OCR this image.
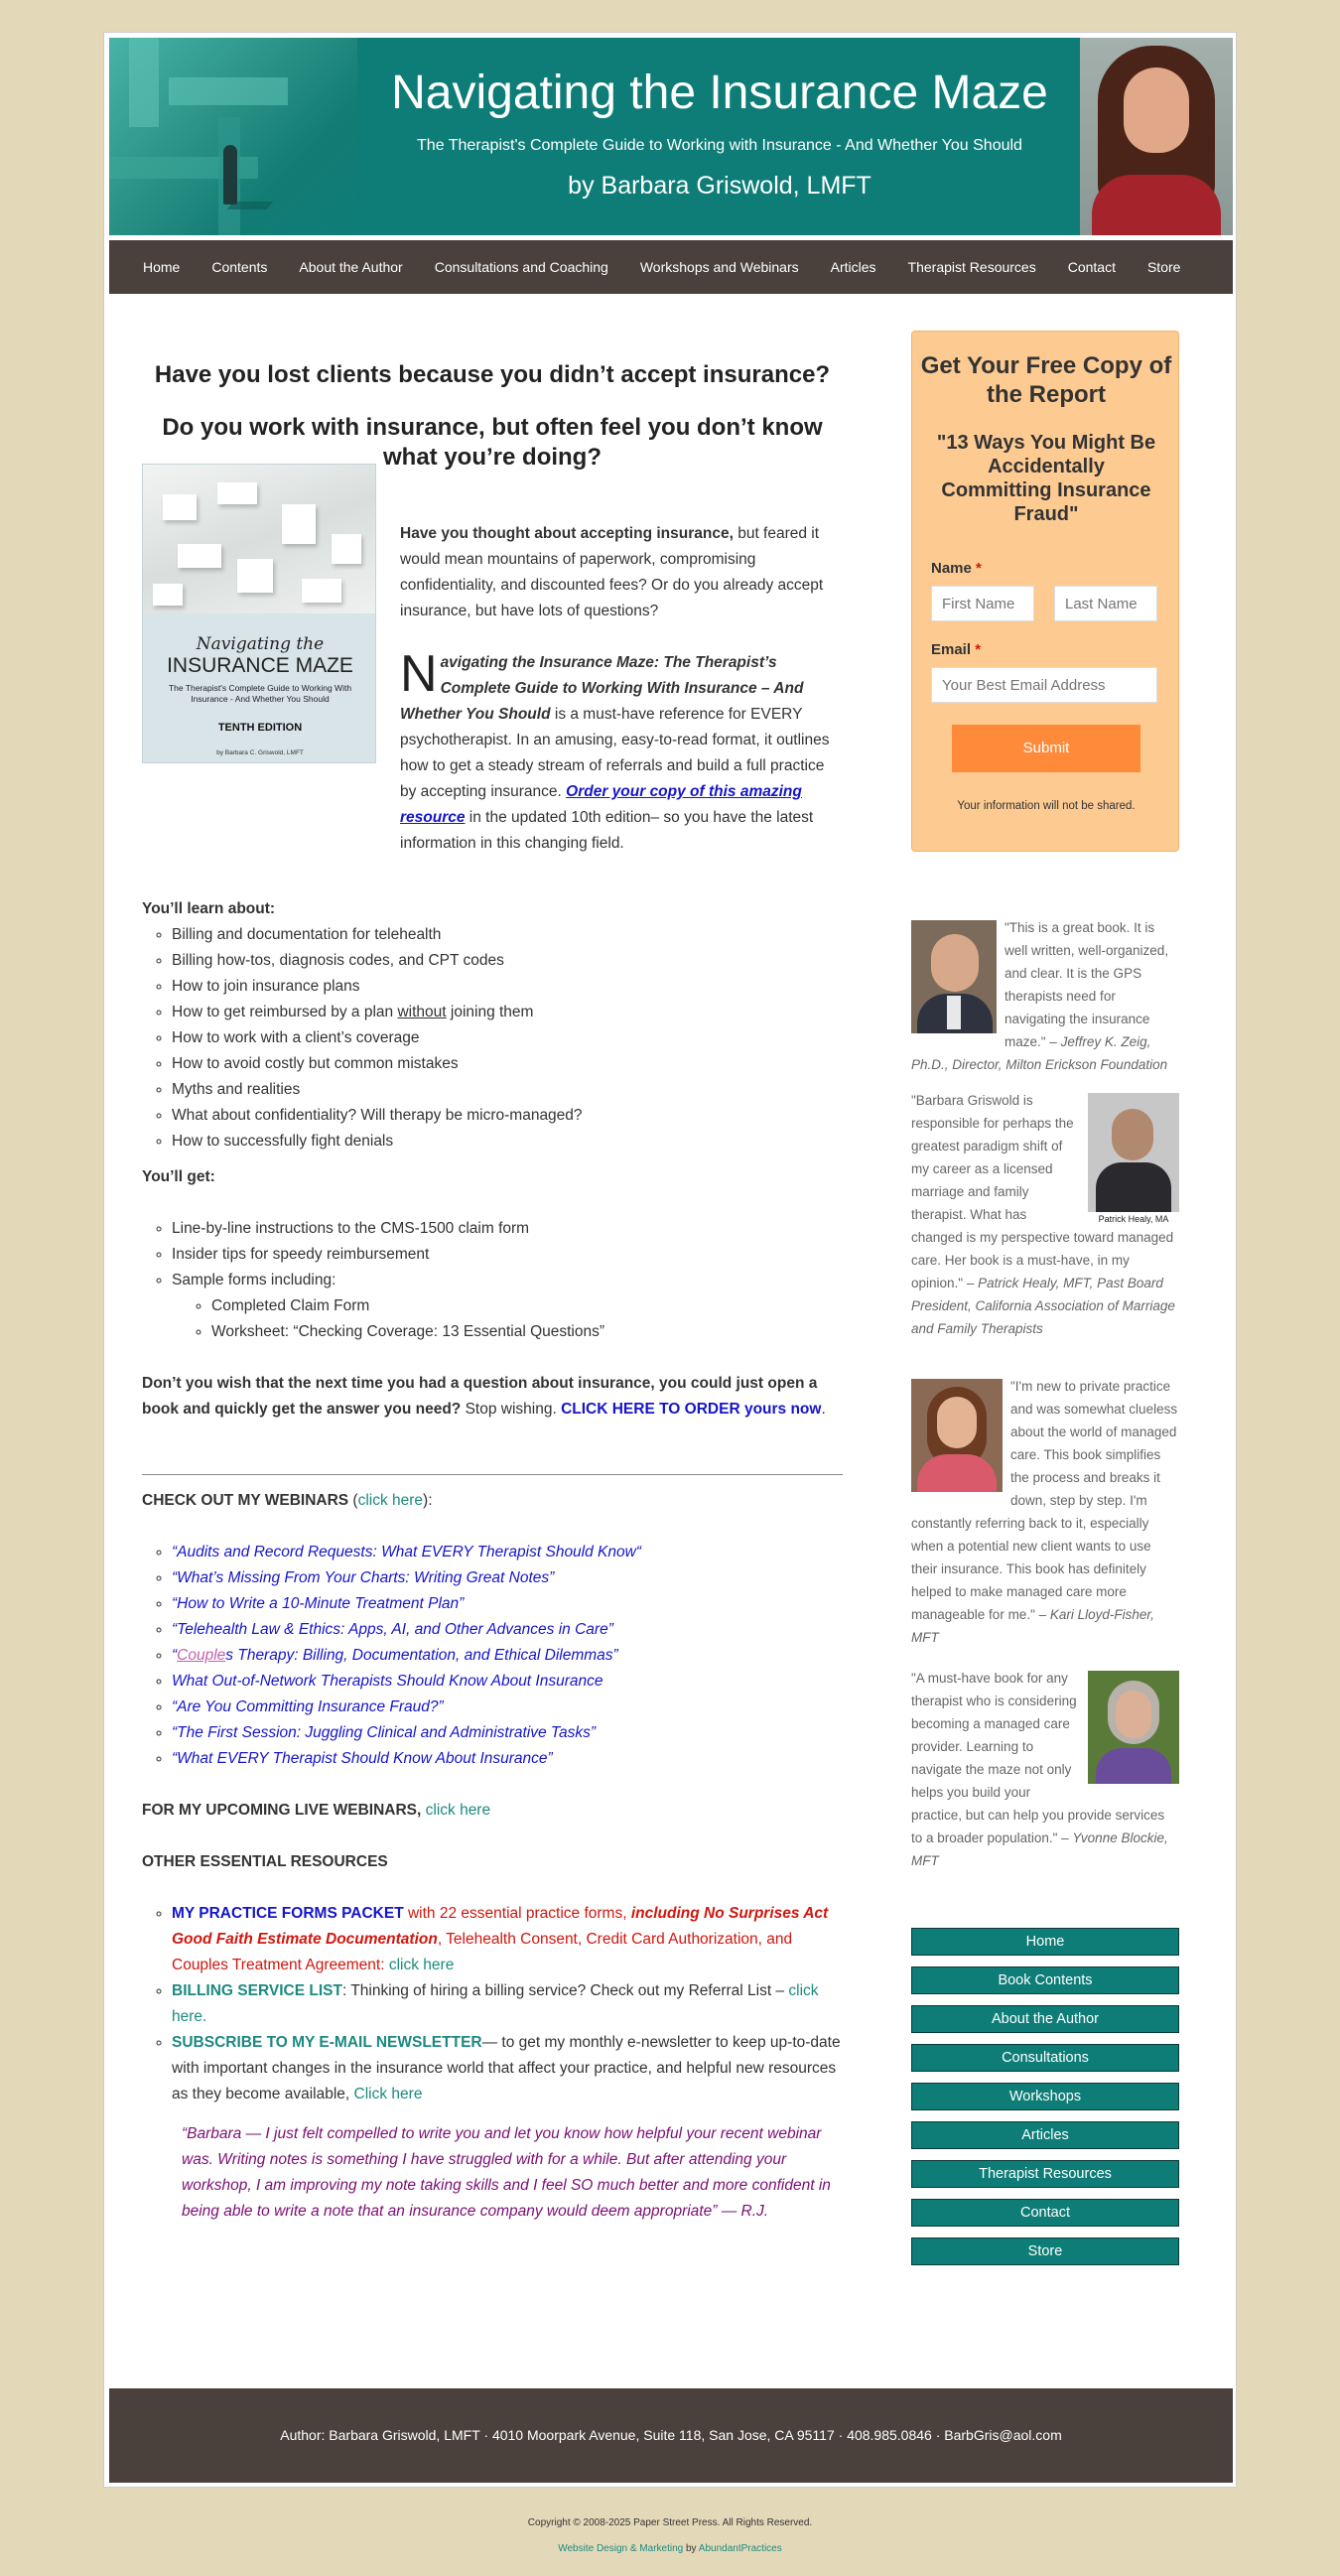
Navigating the Insurance Maze
The Therapist's Complete Guide to Working with Insurance - And Whether You Should
by Barbara Griswold, LMFT
Home Contents About the Author Consultations and Coaching Workshops and Webinars Articles Therapist Resources Contact Store
Have you lost clients because you didn’t accept insurance?
Do you work with insurance, but often feel you don’t know what you’re doing?
Navigating the
INSURANCE MAZE
The Therapist's Complete Guide to Working With Insurance - And Whether You Should
TENTH EDITION
by Barbara C. Griswold, LMFT
Have you thought about accepting insurance, but feared it would mean mountains of paperwork, compromising confidentiality, and discounted fees? Or do you already accept insurance, but have lots of questions?
Navigating the Insurance Maze: The Therapist’s Complete Guide to Working With Insurance – And Whether You Should is a must-have reference for EVERY psychotherapist. In an amusing, easy-to-read format, it outlines how to get a steady stream of referrals and build a full practice by accepting insurance. Order your copy of this amazing resource in the updated 10th edition– so you have the latest information in this changing field.
You’ll learn about:
◦ Billing and documentation for telehealth
◦ Billing how-tos, diagnosis codes, and CPT codes
◦ How to join insurance plans
◦ How to get reimbursed by a plan without joining them
◦ How to work with a client’s coverage
◦ How to avoid costly but common mistakes
◦ Myths and realities
◦ What about confidentiality? Will therapy be micro-managed?
◦ How to successfully fight denials
You’ll get:
◦ Line-by-line instructions to the CMS-1500 claim form
◦ Insider tips for speedy reimbursement
◦ Sample forms including:
◦ Completed Claim Form
◦ Worksheet: “Checking Coverage: 13 Essential Questions”
Don’t you wish that the next time you had a question about insurance, you could just open a book and quickly get the answer you need? Stop wishing. CLICK HERE TO ORDER yours now.
CHECK OUT MY WEBINARS (click here):
◦ “Audits and Record Requests: What EVERY Therapist Should Know“
◦ “What’s Missing From Your Charts: Writing Great Notes”
◦ “How to Write a 10-Minute Treatment Plan”
◦ “Telehealth Law & Ethics: Apps, AI, and Other Advances in Care”
◦ “Couples Therapy: Billing, Documentation, and Ethical Dilemmas”
◦ What Out-of-Network Therapists Should Know About Insurance
◦ “Are You Committing Insurance Fraud?”
◦ “The First Session: Juggling Clinical and Administrative Tasks”
◦ “What EVERY Therapist Should Know About Insurance”
FOR MY UPCOMING LIVE WEBINARS, click here
OTHER ESSENTIAL RESOURCES
◦ MY PRACTICE FORMS PACKET with 22 essential practice forms, including No Surprises Act Good Faith Estimate Documentation, Telehealth Consent, Credit Card Authorization, and Couples Treatment Agreement: click here
◦ BILLING SERVICE LIST: Thinking of hiring a billing service? Check out my Referral List – click here.
◦ SUBSCRIBE TO MY E-MAIL NEWSLETTER— to get my monthly e-newsletter to keep up-to-date with important changes in the insurance world that affect your practice, and helpful new resources as they become available, Click here
“Barbara — I just felt compelled to write you and let you know how helpful your recent webinar was. Writing notes is something I have struggled with for a while. But after attending your workshop, I am improving my note taking skills and I feel SO much better and more confident in being able to write a note that an insurance company would deem appropriate” — R.J.
Get Your Free Copy of the Report
"13 Ways You Might Be Accidentally Committing Insurance Fraud"
Name *
First Name
Last Name
Email *
Your Best Email Address
Submit
Your information will not be shared.
"This is a great book. It is well written, well-organized, and clear. It is the GPS therapists need for navigating the insurance maze." – Jeffrey K. Zeig, Ph.D., Director, Milton Erickson Foundation
Patrick Healy, MA
"Barbara Griswold is responsible for perhaps the greatest paradigm shift of my career as a licensed marriage and family therapist. What has changed is my perspective toward managed care. Her book is a must-have, in my opinion." – Patrick Healy, MFT, Past Board President, California Association of Marriage and Family Therapists
"I'm new to private practice and was somewhat clueless about the world of managed care. This book simplifies the process and breaks it down, step by step. I'm constantly referring back to it, especially when a potential new client wants to use their insurance. This book has definitely helped to make managed care more manageable for me." – Kari Lloyd-Fisher, MFT
"A must-have book for any therapist who is considering becoming a managed care provider. Learning to navigate the maze not only helps you build your practice, but can help you provide services to a broader population." – Yvonne Blockie, MFT
Home
Book Contents
About the Author
Consultations
Workshops
Articles
Therapist Resources
Contact
Store
Author: Barbara Griswold, LMFT · 4010 Moorpark Avenue, Suite 118, San Jose, CA 95117 · 408.985.0846 · BarbGris@aol.com
Copyright © 2008-2025 Paper Street Press. All Rights Reserved.
Website Design & Marketing by AbundantPractices
